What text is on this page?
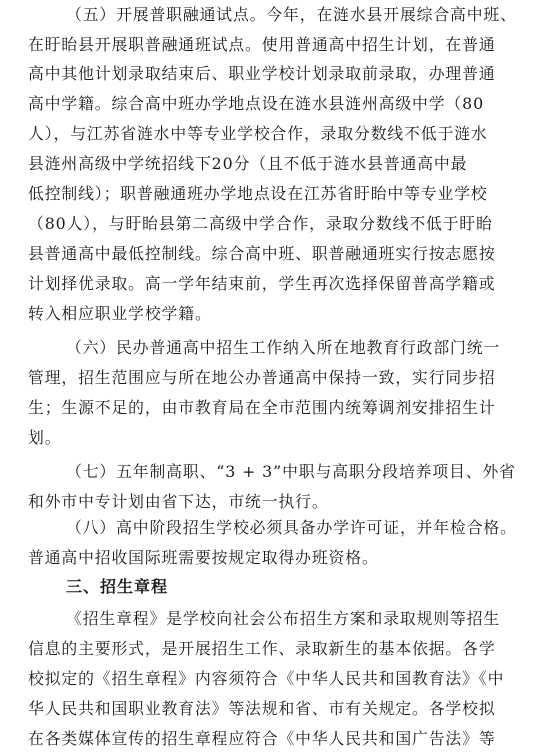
（五）开展普职融通试点。今年，在涟水县开展综合高中班、
在盱眙县开展职普融通班试点。使用普通高中招生计划，在普通
高中其他计划录取结束后、职业学校计划录取前录取，办理普通
高中学籍。综合高中班办学地点设在涟水县涟州高级中学（80
人），与江苏省涟水中等专业学校合作，录取分数线不低于涟水
县涟州高级中学统招线下20分（且不低于涟水县普通高中最
低控制线）；职普融通班办学地点设在江苏省盱眙中等专业学校
（80人），与盱眙县第二高级中学合作，录取分数线不低于盱眙
县普通高中最低控制线。综合高中班、职普融通班实行按志愿按
计划择优录取。高一学年结束前，学生再次选择保留普高学籍或
转入相应职业学校学籍。
（六）民办普通高中招生工作纳入所在地教育行政部门统一
管理，招生范围应与所在地公办普通高中保持一致，实行同步招
生；生源不足的，由市教育局在全市范围内统筹调剂安排招生计
划。
（七）五年制高职、“3 + 3”中职与高职分段培养项目、外省
和外市中专计划由省下达，市统一执行。
（八）高中阶段招生学校必须具备办学许可证，并年检合格。
普通高中招收国际班需要按规定取得办班资格。
三、招生章程
《招生章程》是学校向社会公布招生方案和录取规则等招生
信息的主要形式，是开展招生工作、录取新生的基本依据。各学
校拟定的《招生章程》内容须符合《中华人民共和国教育法》《中
华人民共和国职业教育法》等法规和省、市有关规定。各学校拟
在各类媒体宣传的招生章程应符合《中华人民共和国广告法》等
